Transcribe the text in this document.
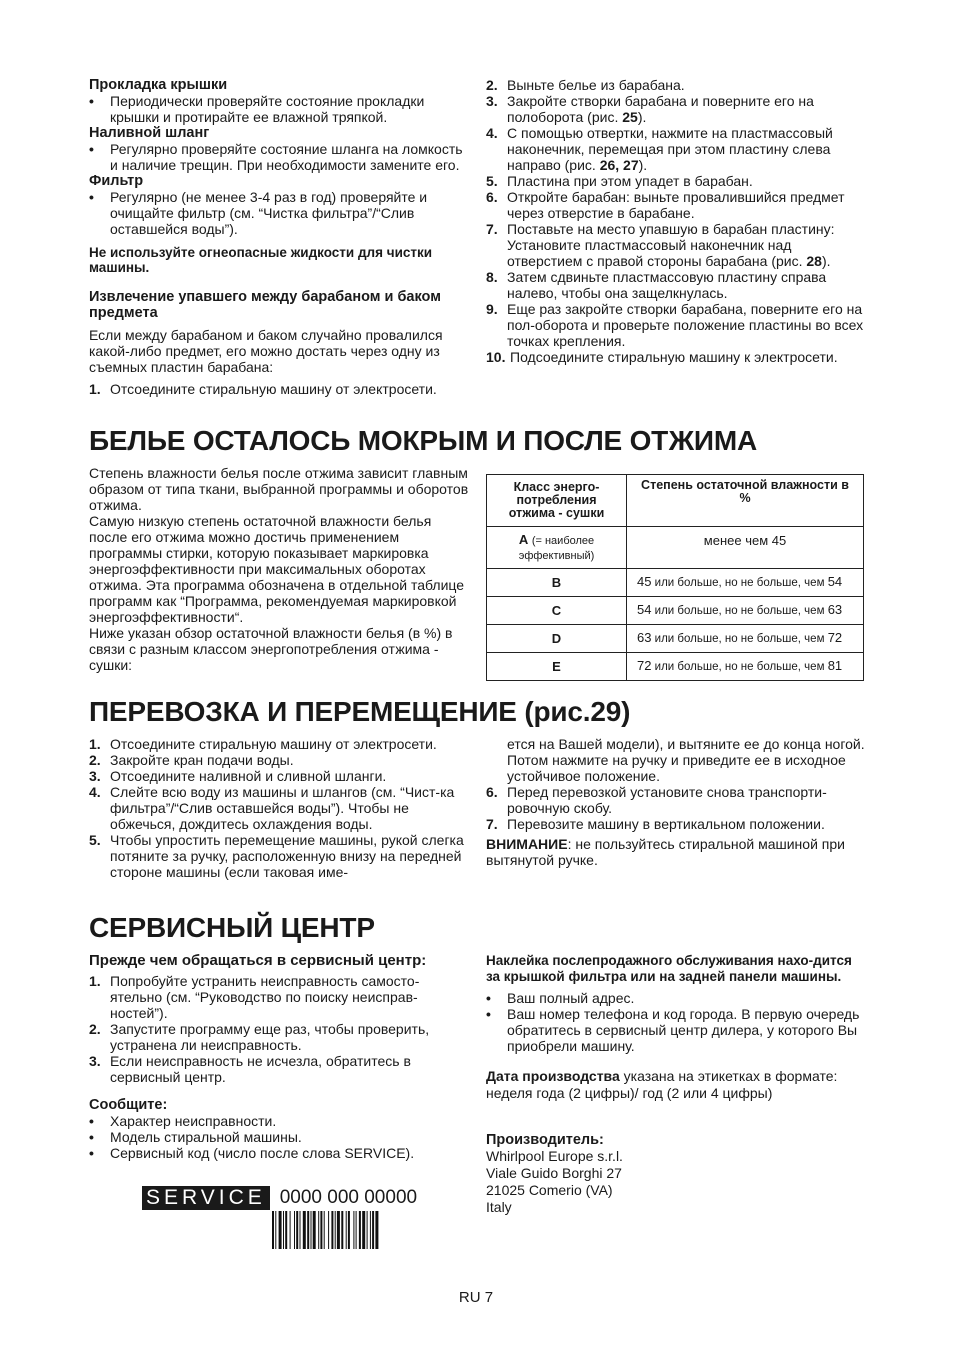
Прокладка крышки
• Периодически проверяйте состояние прокладки крышки и протирайте ее влажной тряпкой.
Наливной шланг
• Регулярно проверяйте состояние шланга на ломкость и наличие трещин. При необходимости замените его.
Фильтр
• Регулярно (не менее 3-4 раз в год) проверяйте и очищайте фильтр (см. “Чистка фильтра”/“Слив оставшейся воды”).
Не используйте огнеопасные жидкости для чистки машины.
Извлечение упавшего между барабаном и баком предмета
Если между барабаном и баком случайно провалился какой-либо предмет, его можно достать через одну из съемных пластин барабана:
1. Отсоедините стиральную машину от электросети.
2. Выньте белье из барабана.
3. Закройте створки барабана и поверните его на полоборота (рис. 25).
4. С помощью отвертки, нажмите на пластмассовый наконечник, перемещая при этом пластину слева направо (рис. 26, 27).
5. Пластина при этом упадет в барабан.
6. Откройте барабан: выньте провалившийся предмет через отверстие в барабане.
7. Поставьте на место упавшую в барабан пластину: Установите пластмассовый наконечник над отверстием с правой стороны барабана (рис. 28).
8. Затем сдвиньте пластмассовую пластину справа налево, чтобы она защелкнулась.
9. Еще раз закройте створки барабана, поверните его на пол-оборота и проверьте положение пластины во всех точках крепления.
10. Подсоедините стиральную машину к электросети.
БЕЛЬЕ ОСТАЛОСЬ МОКРЫМ И ПОСЛЕ ОТЖИМА
Степень влажности белья после отжима зависит главным образом от типа ткани, выбранной программы и оборотов отжима.
Самую низкую степень остаточной влажности белья после его отжима можно достичь применением программы стирки, которую показывает маркировка энергоэффективности при максимальных оборотах отжима. Эта программа обозначена в отдельной таблице программ как “Программа, рекомендуемая маркировкой энергоэффективности“.
Ниже указан обзор остаточной влажности белья (в %) в связи с разным классом энергопотребления отжима - сушки:
Класс энерго-потребления отжима - сушки	Степень остаточной влажности в %
A (= наиболее эффективный)	менее чем 45
B	45 или больше, но не больше, чем 54
C	54 или больше, но не больше, чем 63
D	63 или больше, но не больше, чем 72
E	72 или больше, но не больше, чем 81
ПЕРЕВОЗКА И ПЕРЕМЕЩЕНИЕ (рис.29)
1. Отсоедините стиральную машину от электросети.
2. Закройте кран подачи воды.
3. Отсоедините наливной и сливной шланги.
4. Слейте всю воду из машины и шлангов (см. “Чист-ка фильтра”/“Слив оставшейся воды”). Чтобы не обжечься, дождитесь охлаждения воды.
5. Чтобы упростить перемещение машины, рукой слегка потяните за ручку, расположенную внизу на передней стороне машины (если таковая име-
ется на Вашей модели), и вытяните ее до конца ногой. Потом нажмите на ручку и приведите ее в исходное устойчивое положение.
6. Перед перевозкой установите снова транспорти-ровочную скобу.
7. Перевозите машину в вертикальном положении.
ВНИМАНИЕ: не пользуйтесь стиральной машиной при вытянутой ручке.
СЕРВИСНЫЙ ЦЕНТР
Прежде чем обращаться в сервисный центр:
1. Попробуйте устранить неисправность самосто-ятельно (см. “Руководство по поиску неисправ-ностей”).
2. Запустите программу еще раз, чтобы проверить, устранена ли неисправность.
3. Если неисправность не исчезла, обратитесь в сервисный центр.
Сообщите:
• Характер неисправности.
• Модель стиральной машины.
• Сервисный код (число после слова SERVICE).
SERVICE 0000 000 00000
Наклейка послепродажного обслуживания нахо-дится за крышкой фильтра или на задней панели машины.
• Ваш полный адрес.
• Ваш номер телефона и код города. В первую очередь обратитесь в сервисный центр дилера, у которого Вы приобрели машину.
Дата производства указана на этикетках в формате: неделя года (2 цифры)/ год (2 или 4 цифры)
Производитель:
Whirlpool Europe s.r.l.
Viale Guido Borghi 27
21025 Comerio (VA)
Italy
RU 7
